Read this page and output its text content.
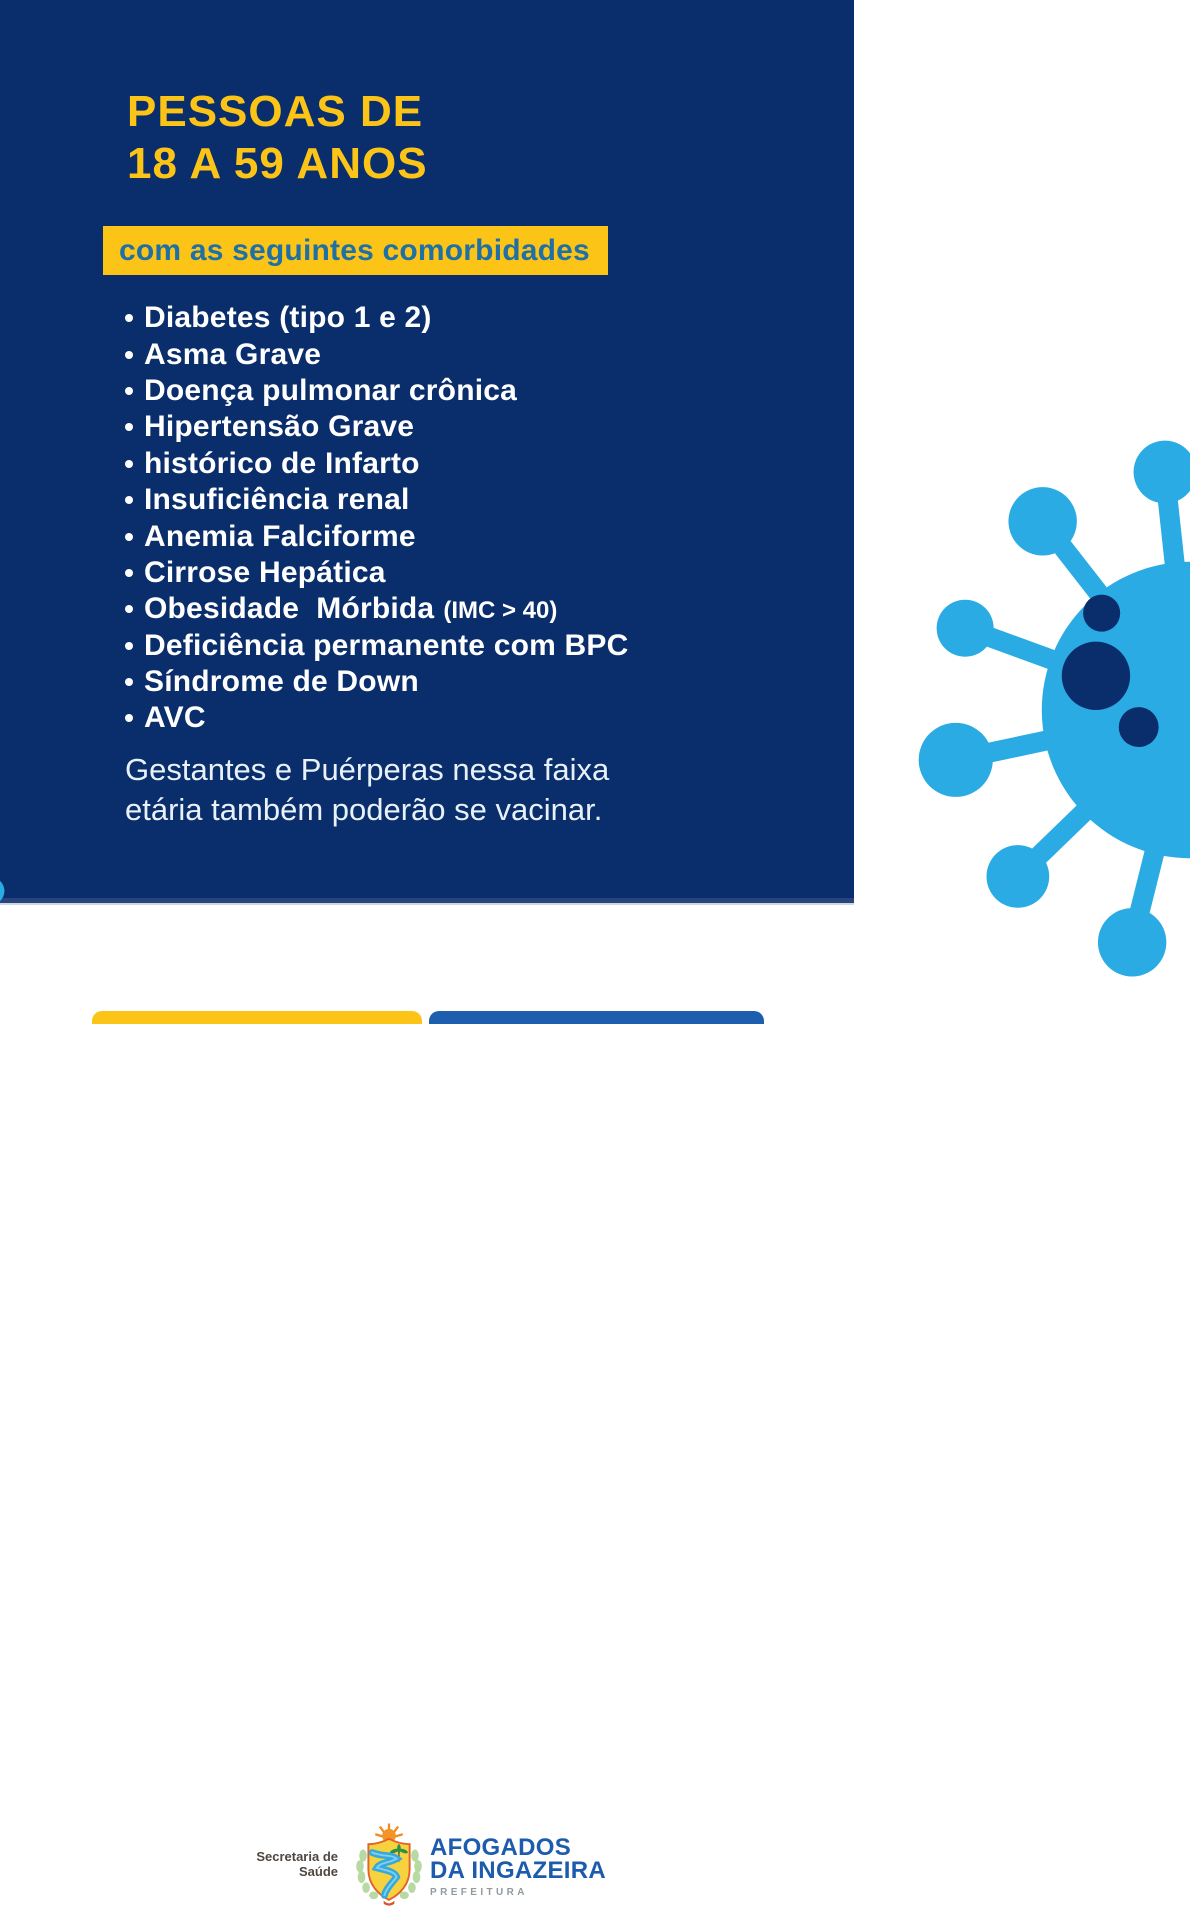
PESSOAS DE
18 A 59 ANOS
com as seguintes comorbidades
Diabetes (tipo 1 e 2)
Asma Grave
Doença pulmonar crônica
Hipertensão Grave
histórico de Infarto
Insuficiência renal
Anemia Falciforme
Cirrose Hepática
Obesidade  Mórbida (IMC > 40)
Deficiência permanente com BPC
Síndrome de Down
AVC
Gestantes e Puérperas nessa faixa
etária também poderão se vacinar.
Secretaria de
Saúde
AFOGADOS
DA INGAZEIRA
PREFEITURA
